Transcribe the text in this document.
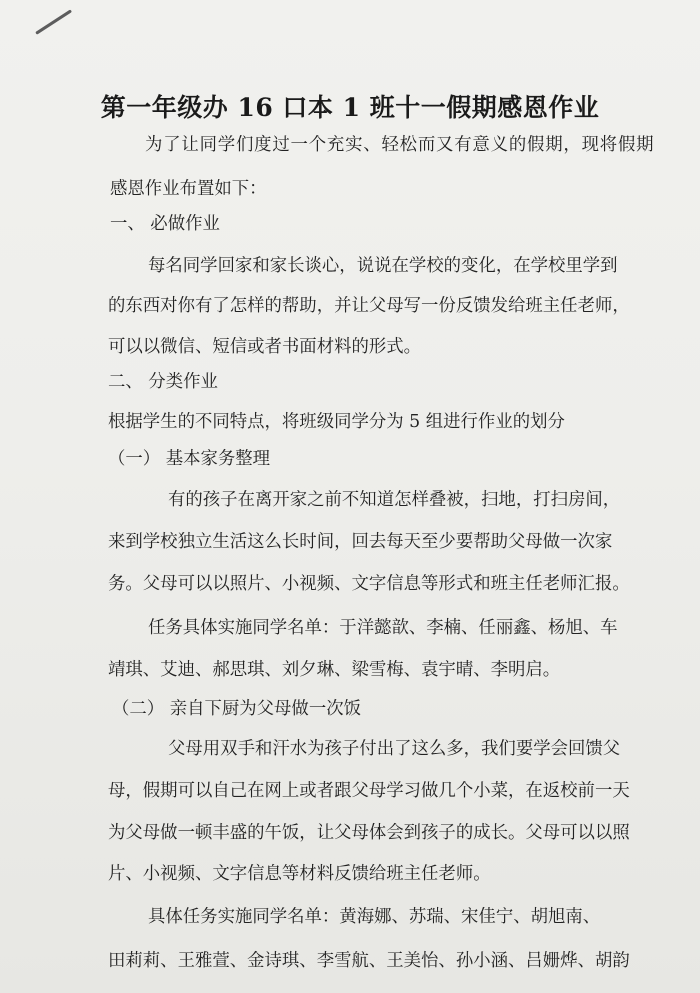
第一年级办 16 口本 1 班十一假期感恩作业
为了让同学们度过一个充实、轻松而又有意义的假期，现将假期
感恩作业布置如下：
一、 必做作业
每名同学回家和家长谈心，说说在学校的变化，在学校里学到
的东西对你有了怎样的帮助，并让父母写一份反馈发给班主任老师，
可以以微信、短信或者书面材料的形式。
二、 分类作业
根据学生的不同特点，将班级同学分为 5 组进行作业的划分
（一） 基本家务整理
有的孩子在离开家之前不知道怎样叠被，扫地，打扫房间，
来到学校独立生活这么长时间，回去每天至少要帮助父母做一次家
务。父母可以以照片、小视频、文字信息等形式和班主任老师汇报。
任务具体实施同学名单：于洋懿歆、李楠、任丽鑫、杨旭、车
靖琪、艾迪、郝思琪、刘夕琳、梁雪梅、袁宇晴、李明启。
（二） 亲自下厨为父母做一次饭
父母用双手和汗水为孩子付出了这么多，我们要学会回馈父
母，假期可以自己在网上或者跟父母学习做几个小菜，在返校前一天
为父母做一顿丰盛的午饭，让父母体会到孩子的成长。父母可以以照
片、小视频、文字信息等材料反馈给班主任老师。
具体任务实施同学名单：黄海娜、苏瑞、宋佳宁、胡旭南、
田莉莉、王雅萱、金诗琪、李雪航、王美怡、孙小涵、吕姗烨、胡韵
